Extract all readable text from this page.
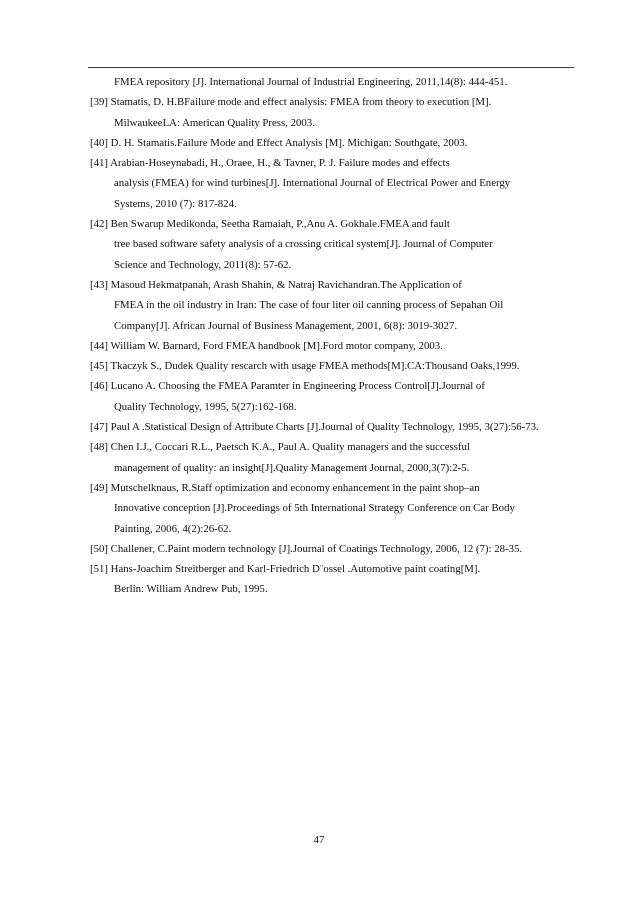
FMEA repository [J]. International Journal of Industrial Engineering, 2011,14(8): 444-451.
[39] Stamatis, D. H.BFailure mode and effect analysis: FMEA from theory to execution [M].
MilwaukeeLA: American Quality Press, 2003.
[40] D. H. Stamatis.Failure Mode and Effect Analysis [M]. Michigan: Southgate, 2003.
[41] Arabian-Hoseynabadi, H., Oraee, H., & Tavner, P. J. Failure modes and effects
analysis (FMEA) for wind turbines[J]. International Journal of Electrical Power and Energy
Systems, 2010 (7): 817-824.
[42] Ben Swarup Medikonda, Seetha Ramaiah, P.,Anu A. Gokhale.FMEA and fault
tree based software safety analysis of a crossing critical system[J]. Journal of Computer
Science and Technology, 2011(8): 57-62.
[43] Masoud Hekmatpanah, Arash Shahin, & Natraj Ravichandran.The Application of
FMEA in the oil industry in Iran: The case of four liter oil canning process of Sepahan Oil
Company[J]. African Journal of Business Management, 2001, 6(8): 3019-3027.
[44] William W. Barnard, Ford FMEA handbook [M].Ford motor company, 2003.
[45] Tkaczyk S., Dudek Quality rescarch with usage FMEA methods[M].CA:Thousand Oaks,1999.
[46] Lucano A. Choosing the FMEA Paramter in Engineering Process Control[J].Journal of
Quality Technology, 1995, 5(27):162-168.
[47] Paul A .Statistical Design of Attribute Charts [J].Journal of Quality Technology, 1995, 3(27):56-73.
[48] Chen I.J., Coccari R.L., Paetsch K.A., Paul A. Quality managers and the successful
management of quality: an insight[J].Quality Management Journal, 2000,3(7):2-5.
[49] Mutschelknaus, R.Staff optimization and economy enhancement in the paint shop–an
Innovative conception [J].Proceedings of 5th International Strategy Conference on Car Body
Painting, 2006, 4(2):26-62.
[50] Challener, C.Paint modern technology [J].Journal of Coatings Technology, 2006, 12 (7): 28-35.
[51] Hans-Joachim Streitberger and Karl-Friedrich D¨ossel .Automotive paint coating[M].
Berlin: William Andrew Pub, 1995.
47
